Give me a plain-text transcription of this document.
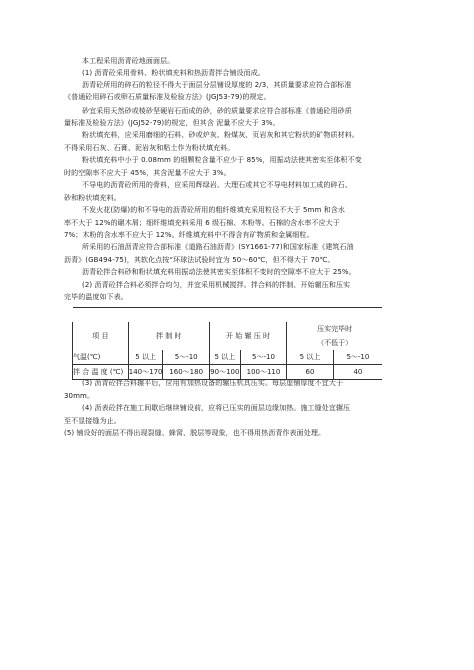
本工程采用沥青砼地面面层。
(1) 沥青砼采用骨料、粉状填充料和热沥青拌合铺设而成。
沥青砼所用的碎石的粒径不得大于面层分层铺设厚度的 2/3，其质量要求应符合部标准
《普通砼用碎石或卵石质量标准及检验方法》(JGJ53-79)的规定。
砂宜采用天然砂或棱砂坚硬岩石而成的砂，砂的质量要求应符合部标准《普通砼用砂质
量标准及检验方法》(JGJ52-79)的规定，但其含 泥量不应大于 3%。
粉状填充料，应采用磨细的石料、砂或炉灰、粉煤灰、页岩灰和其它粉状的矿物质材料。
不得采用石灰、石膏、泥岩灰和粘土作为粉状填充料。
粉状填充料中小于 0.08mm 的细颗粒含量不应少于 85%，用振动法使其密实至体积不变
时的空隙率不应大于 45%，其含泥量不应大于 3%。
不导电的沥青砼所用的骨料，应采用辉绿岩、大理石或其它不导电材料加工成的碎石、
砂和粉状填充料。
不发火花(防爆)的和不导电的沥青砼所用的粗纤维填充采用粒径不大于 5mm 和含水
率不大于 12%的碾木屑；细纤维填充料采用 6 级石棉、木粉等。石棉的含水率不应大于
7%；木粉的含水率不应大于 12%。纤维填充料中不得含有矿物质和金属细粒。
所采用的石油沥青应符合部标准《道路石油沥青》(SY1661-77)和国家标准《建筑石油
沥青》(GB494-75)，其软化点按“环球法试验时宜为 50～60℃，但不得大于 70℃。
沥青砼拌合料砂和粉状填充料用振动法使其密实至体积不变时的空隙率不应大于 25%。
(2) 沥青砼拌合料必须拌合均匀，并宜采用机械搅拌。拌合料的拌制、开始辗压和压实
完毕的温度如下表。

项 目	拌 制 时		开 始 辗 压 时		压实完毕时	
					（不低于）	
气温(℃)	5 以上	5～-10	5 以上	5～-10	5 以上	5～-10
拌 合 温 度 (℃)	140～170	160～180	90～100	100～110	60	40
(3) 沥青砼拌合料辗平后，应用有加热设备的辗压机具压实。每层虚铺厚度不宜大于
30mm。
(4) 沥表砼拌在施工间歇后继续铺设前，应将已压实的面层边缘加热。施工缝处宜辗压
至不显接缝为止。
(5) 铺设好的面层不得出现裂缝、蜂窝、脱层等现象，也不得用热沥青作表面处理。
